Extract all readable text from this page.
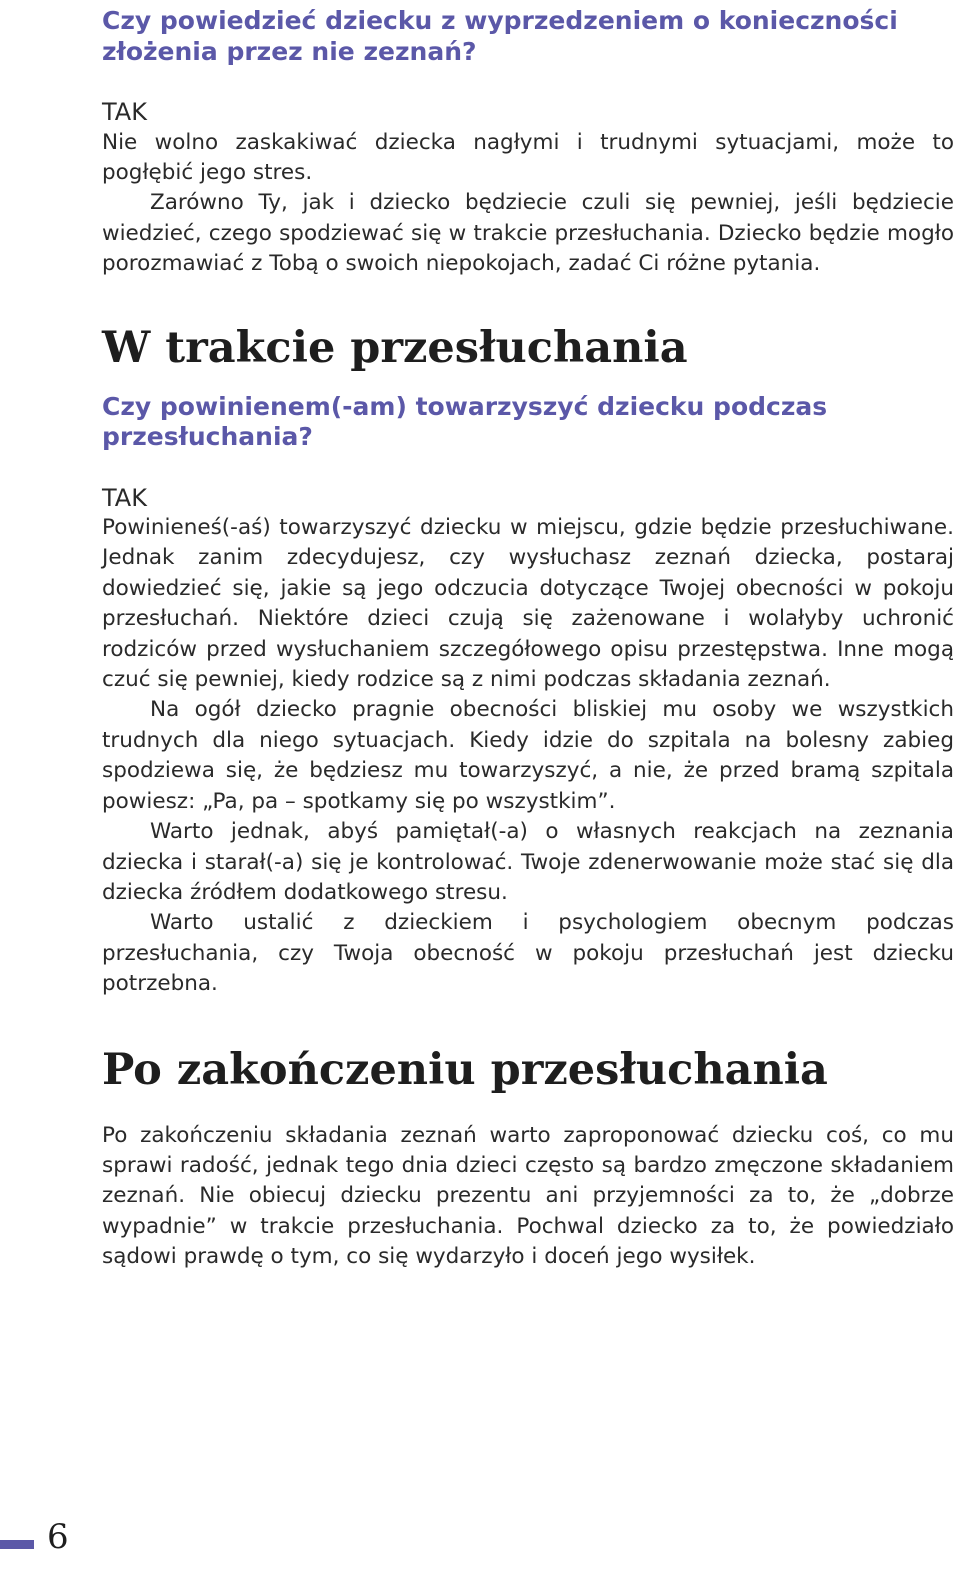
Czy powiedzieć dziecku z wyprzedzeniem o konieczności złożenia przez nie zeznań?
TAK

Nie wolno zaskakiwać dziecka nagłymi i trudnymi sytuacjami, może to pogłębić jego stres.

Zarówno Ty, jak i dziecko będziecie czuli się pewniej, jeśli będziecie wiedzieć, czego spodziewać się w trakcie przesłuchania. Dziecko będzie mogło porozmawiać z Tobą o swoich niepokojach, zadać Ci różne pytania.

W trakcie przesłuchania
Czy powinienem(-am) towarzyszyć dziecku podczas przesłuchania?
TAK

Powinieneś(-aś) towarzyszyć dziecku w miejscu, gdzie będzie przesłuchiwane. Jednak zanim zdecydujesz, czy wysłuchasz zeznań dziecka, postaraj dowiedzieć się, jakie są jego odczucia dotyczące Twojej obecności w pokoju przesłuchań. Niektóre dzieci czują się zażenowane i wolałyby uchronić rodziców przed wysłuchaniem szczegółowego opisu przestępstwa. Inne mogą czuć się pewniej, kiedy rodzice są z nimi podczas składania zeznań.

Na ogół dziecko pragnie obecności bliskiej mu osoby we wszystkich trudnych dla niego sytuacjach. Kiedy idzie do szpitala na bolesny zabieg spodziewa się, że będziesz mu towarzyszyć, a nie, że przed bramą szpitala powiesz: „Pa, pa – spotkamy się po wszystkim”.

Warto jednak, abyś pamiętał(-a) o własnych reakcjach na zeznania dziecka i starał(-a) się je kontrolować. Twoje zdenerwowanie może stać się dla dziecka źródłem dodatkowego stresu.

Warto ustalić z dzieckiem i psychologiem obecnym podczas przesłuchania, czy Twoja obecność w pokoju przesłuchań jest dziecku potrzebna.

Po zakończeniu przesłuchania

Po zakończeniu składania zeznań warto zaproponować dziecku coś, co mu sprawi radość, jednak tego dnia dzieci często są bardzo zmęczone składaniem zeznań. Nie obiecuj dziecku prezentu ani przyjemności za to, że „dobrze wypadnie” w trakcie przesłuchania. Pochwal dziecko za to, że powiedziało sądowi prawdę o tym, co się wydarzyło i doceń jego wysiłek.

6
